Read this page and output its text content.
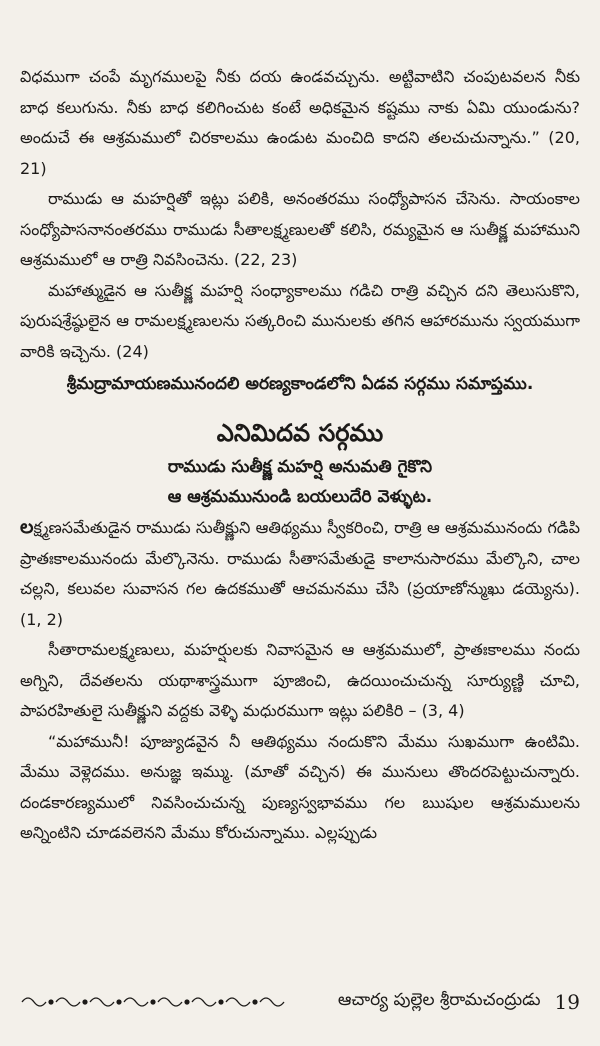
విధముగా చంపే మృగములపై నీకు దయ ఉండవచ్చును. అట్టివాటిని చంపుటవలన నీకు బాధ కలుగును. నీకు బాధ కలిగించుట కంటే అధికమైన కష్టము నాకు ఏమి యుండును? అందుచే ఈ ఆశ్రమములో చిరకాలము ఉండుట మంచిది కాదని తలచుచున్నాను.” (20, 21)

రాముడు ఆ మహర్షితో ఇట్లు పలికి, అనంతరము సంధ్యోపాసన చేసెను. సాయంకాల సంధ్యోపాసనానంతరము రాముడు సీతాలక్ష్మణులతో కలిసి, రమ్యమైన ఆ సుతీక్ష్ణ మహాముని ఆశ్రమములో ఆ రాత్రి నివసించెను. (22, 23)

మహాత్ముడైన ఆ సుతీక్ష్ణ మహర్షి సంధ్యాకాలము గడిచి రాత్రి వచ్చిన దని తెలుసుకొని, పురుషశ్రేష్ఠులైన ఆ రామలక్ష్మణులను సత్కరించి మునులకు తగిన ఆహారమును స్వయముగా వారికి ఇచ్చెను. (24)

శ్రీమద్రామాయణమునందలి అరణ్యకాండలోని ఏడవ సర్గము సమాప్తము.

ఎనిమిదవ సర్గము

రాముడు సుతీక్ష్ణ మహర్షి అనుమతి గైకొని

ఆ ఆశ్రమమునుండి బయలుదేరి వెళ్ళుట.

లక్ష్మణసమేతుడైన రాముడు సుతీక్ష్ణుని ఆతిథ్యము స్వీకరించి, రాత్రి ఆ ఆశ్రమమునందు గడిపి ప్రాతఃకాలమునందు మేల్కొనెను. రాముడు సీతాసమేతుడై కాలానుసారము మేల్కొని, చాల చల్లని, కలువల సువాసన గల ఉదకముతో ఆచమనము చేసి (ప్రయాణోన్ముఖు డయ్యెను). (1, 2)

సీతారామలక్ష్మణులు, మహర్షులకు నివాసమైన ఆ ఆశ్రమములో, ప్రాతఃకాలము నందు అగ్నిని, దేవతలను యథాశాస్త్రముగా పూజించి, ఉదయించుచున్న సూర్యుణ్ణి చూచి, పాపరహితులై సుతీక్ష్ణుని వద్దకు వెళ్ళి మధురముగా ఇట్లు పలికిరి – (3, 4)

“మహామునీ! పూజ్యుడవైన నీ ఆతిథ్యము నందుకొని మేము సుఖముగా ఉంటిమి. మేము వెళ్లెదము. అనుజ్ఞ ఇమ్ము. (మాతో వచ్చిన) ఈ మునులు తొందరపెట్టుచున్నారు. దండకారణ్యములో నివసించుచున్న పుణ్యస్వభావము గల ఋషుల ఆశ్రమములను అన్నింటిని చూడవలెనని మేము కోరుచున్నాము. ఎల్లప్పుడు

ఆచార్య పుల్లెల శ్రీరామచంద్రుడు 19
